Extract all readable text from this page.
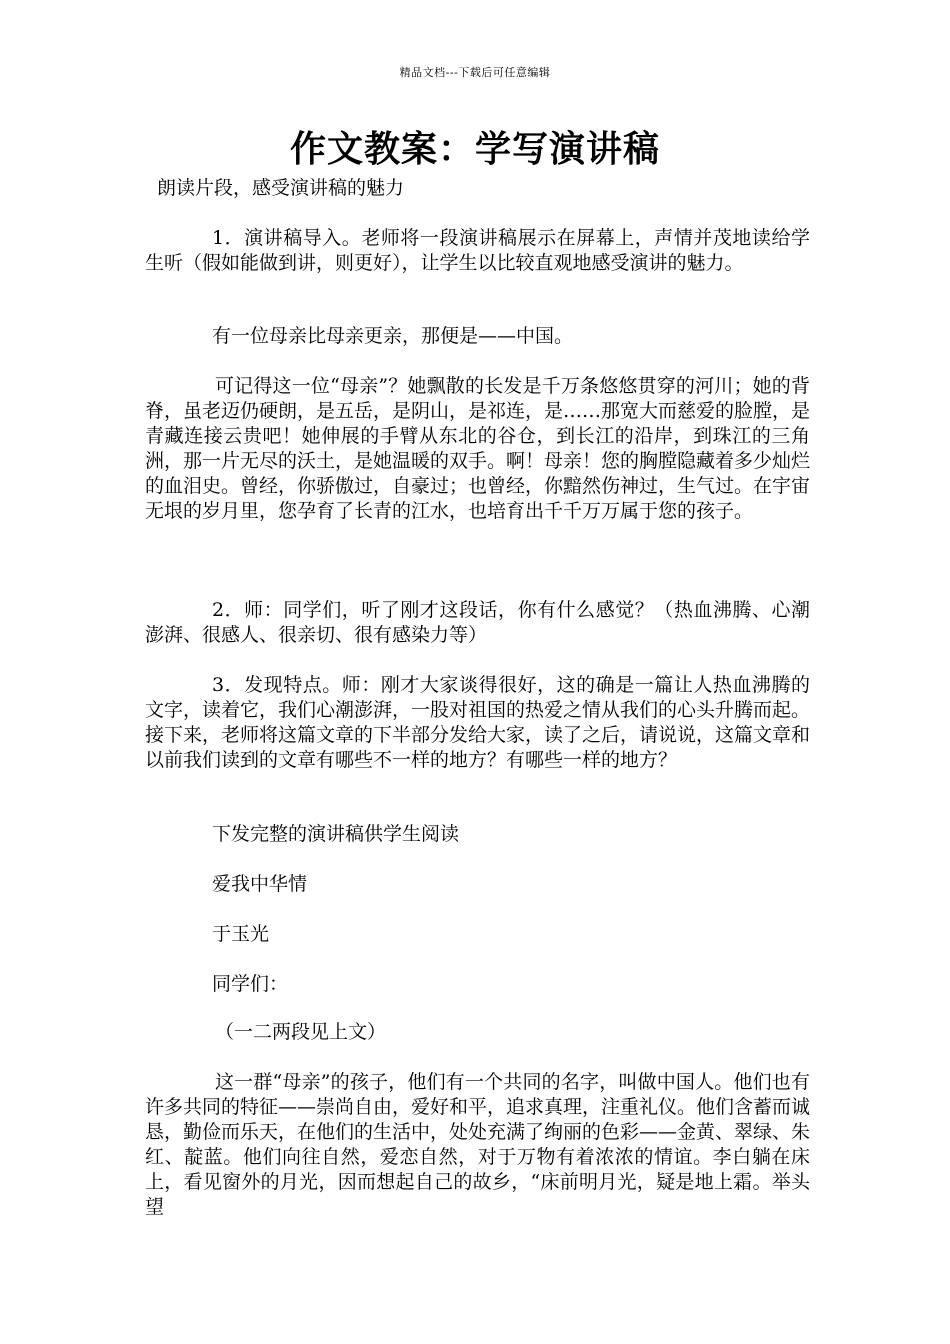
精品文档---下载后可任意编辑
作文教案：学写演讲稿

朗读片段，感受演讲稿的魅力

1．演讲稿导入。老师将一段演讲稿展示在屏幕上，声情并茂地读给学生听（假如能做到讲，则更好），让学生以比较直观地感受演讲的魅力。

有一位母亲比母亲更亲，那便是——中国。

可记得这一位“母亲”？她飘散的长发是千万条悠悠贯穿的河川；她的背脊，虽老迈仍硬朗，是五岳，是阴山，是祁连，是……那宽大而慈爱的脸膛，是青藏连接云贵吧！她伸展的手臂从东北的谷仓，到长江的沿岸，到珠江的三角洲，那一片无尽的沃土，是她温暖的双手。啊！母亲！您的胸膛隐藏着多少灿烂的血泪史。曾经，你骄傲过，自豪过；也曾经，你黯然伤神过，生气过。在宇宙无垠的岁月里，您孕育了长青的江水，也培育出千千万万属于您的孩子。

2．师：同学们，听了刚才这段话，你有什么感觉？（热血沸腾、心潮澎湃、很感人、很亲切、很有感染力等）

3．发现特点。师：刚才大家谈得很好，这的确是一篇让人热血沸腾的文字，读着它，我们心潮澎湃，一股对祖国的热爱之情从我们的心头升腾而起。接下来，老师将这篇文章的下半部分发给大家，读了之后，请说说，这篇文章和以前我们读到的文章有哪些不一样的地方？有哪些一样的地方？

下发完整的演讲稿供学生阅读

爱我中华情

于玉光

同学们：

（一二两段见上文）

这一群“母亲”的孩子，他们有一个共同的名字，叫做中国人。他们也有许多共同的特征——崇尚自由，爱好和平，追求真理，注重礼仪。他们含蓄而诚恳，勤俭而乐天，在他们的生活中，处处充满了绚丽的色彩——金黄、翠绿、朱红、靛蓝。他们向往自然，爱恋自然，对于万物有着浓浓的情谊。李白躺在床上，看见窗外的月光，因而想起自己的故乡，“床前明月光，疑是地上霜。举头望
